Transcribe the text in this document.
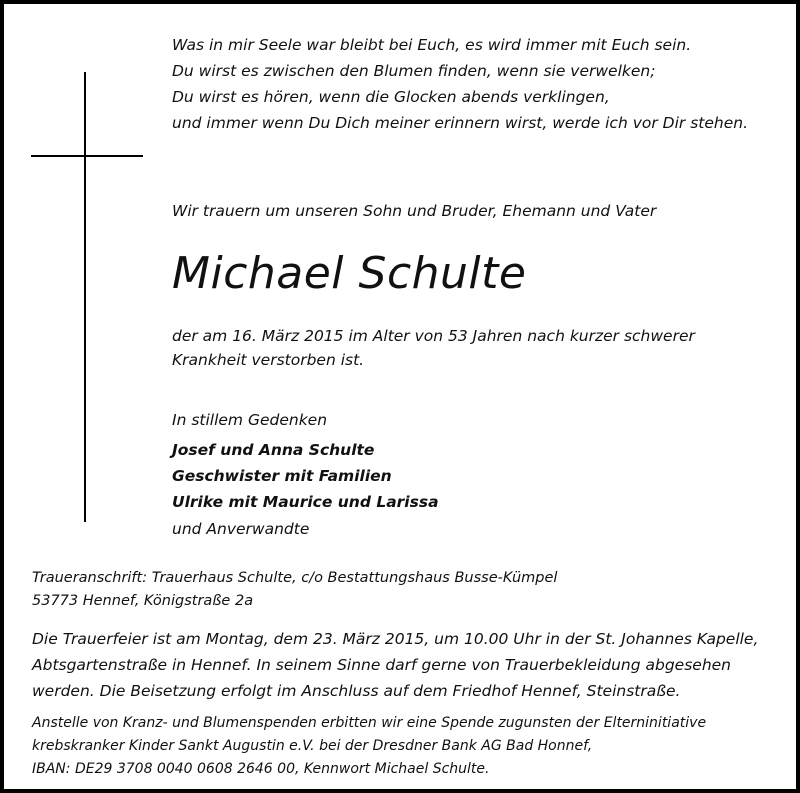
Was in mir Seele war bleibt bei Euch, es wird immer mit Euch sein.
Du wirst es zwischen den Blumen finden, wenn sie verwelken;
Du wirst es hören, wenn die Glocken abends verklingen,
und immer wenn Du Dich meiner erinnern wirst, werde ich vor Dir stehen.
Wir trauern um unseren Sohn und Bruder, Ehemann und Vater
Michael Schulte
der am 16. März 2015 im Alter von 53 Jahren nach kurzer schwerer
Krankheit verstorben ist.
In stillem Gedenken
Josef und Anna Schulte
Geschwister mit Familien
Ulrike mit Maurice und Larissa
und Anverwandte
Traueranschrift: Trauerhaus Schulte, c/o Bestattungshaus Busse-Kümpel
53773 Hennef, Königstraße 2a
Die Trauerfeier ist am Montag, dem 23. März 2015, um 10.00 Uhr in der St. Johannes Kapelle,
Abtsgartenstraße in Hennef. In seinem Sinne darf gerne von Trauerbekleidung abgesehen
werden. Die Beisetzung erfolgt im Anschluss auf dem Friedhof Hennef, Steinstraße.
Anstelle von Kranz- und Blumenspenden erbitten wir eine Spende zugunsten der Elterninitiative
krebskranker Kinder Sankt Augustin e.V. bei der Dresdner Bank AG Bad Honnef,
IBAN: DE29 3708 0040 0608 2646 00, Kennwort Michael Schulte.
